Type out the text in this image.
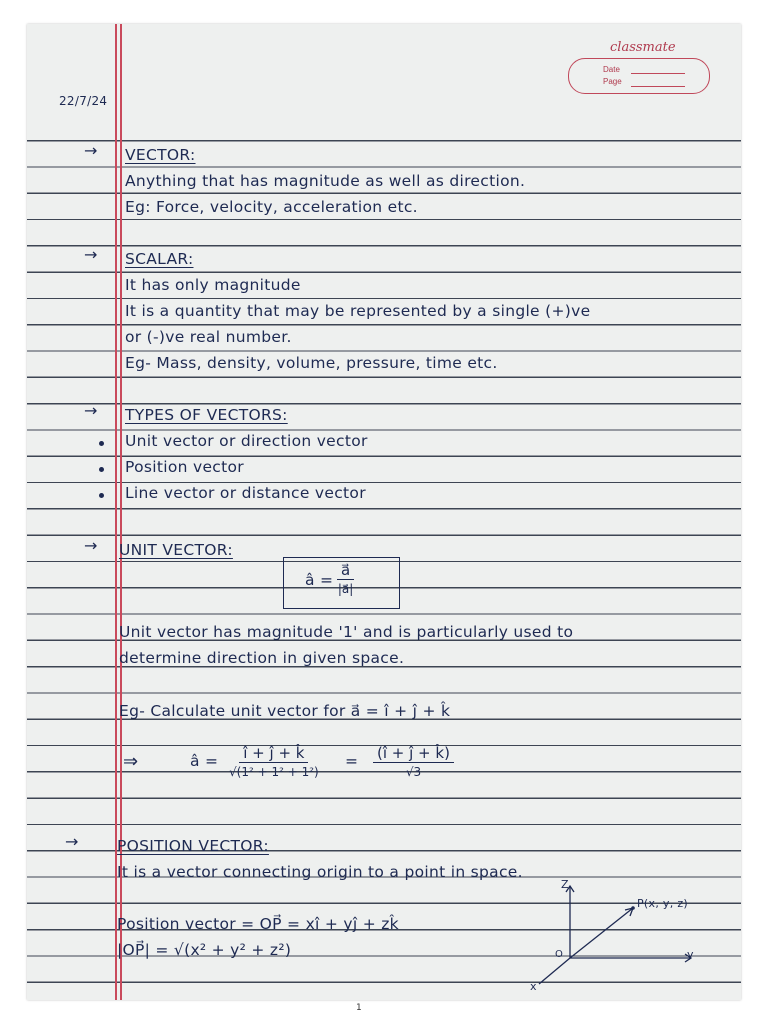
classmate
Date
Page
22/7/24
→ VECTOR:
Anything that has magnitude as well as direction.
Eg: Force, velocity, acceleration etc.
→ SCALAR:
It has only magnitude
It is a quantity that may be represented by a single (+)ve
or (-)ve real number.
Eg- Mass, density, volume, pressure, time etc.
→ TYPES OF VECTORS:
Unit vector or direction vector
Position vector
Line vector or distance vector
→ UNIT VECTOR:
â =
a⃗
|a⃗|
Unit vector has magnitude '1' and is particularly used to
determine direction in given space.
Eg- Calculate unit vector for a⃗ = î + ĵ + k̂
⇒	â = î + ĵ + k̂
√(1² + 1² + 1²)
= (î + ĵ + k̂)
√3
→ POSITION VECTOR:
It is a vector connecting origin to a point in space.
Position vector = OP⃗ = xî + yĵ + zk̂
|OP⃗| = √(x² + y² + z²)
Z
y
x
O
P(x, y, z)
1
